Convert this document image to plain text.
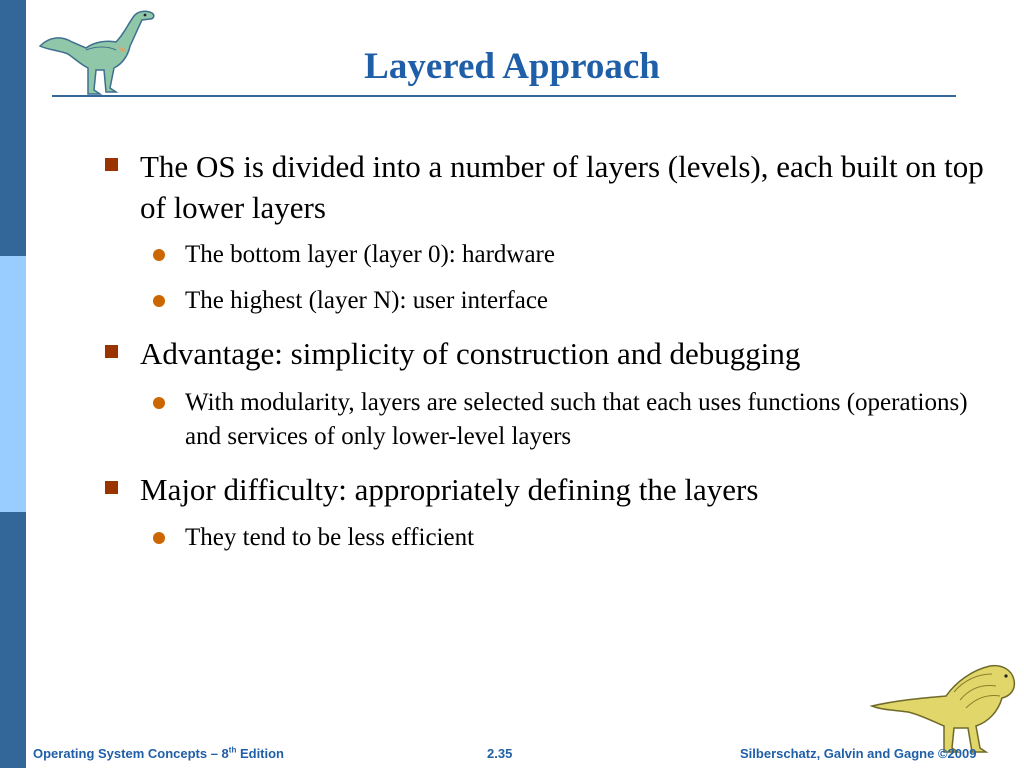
Layered Approach
The OS is divided into a number of layers (levels), each built on top of lower layers
The bottom layer (layer 0): hardware
The highest (layer N): user interface
Advantage: simplicity of construction and debugging
With modularity, layers are selected such that each uses functions (operations) and services of only lower-level layers
Major difficulty: appropriately defining the layers
They tend to be less efficient
Operating System Concepts – 8th Edition	2.35	Silberschatz, Galvin and Gagne ©2009
